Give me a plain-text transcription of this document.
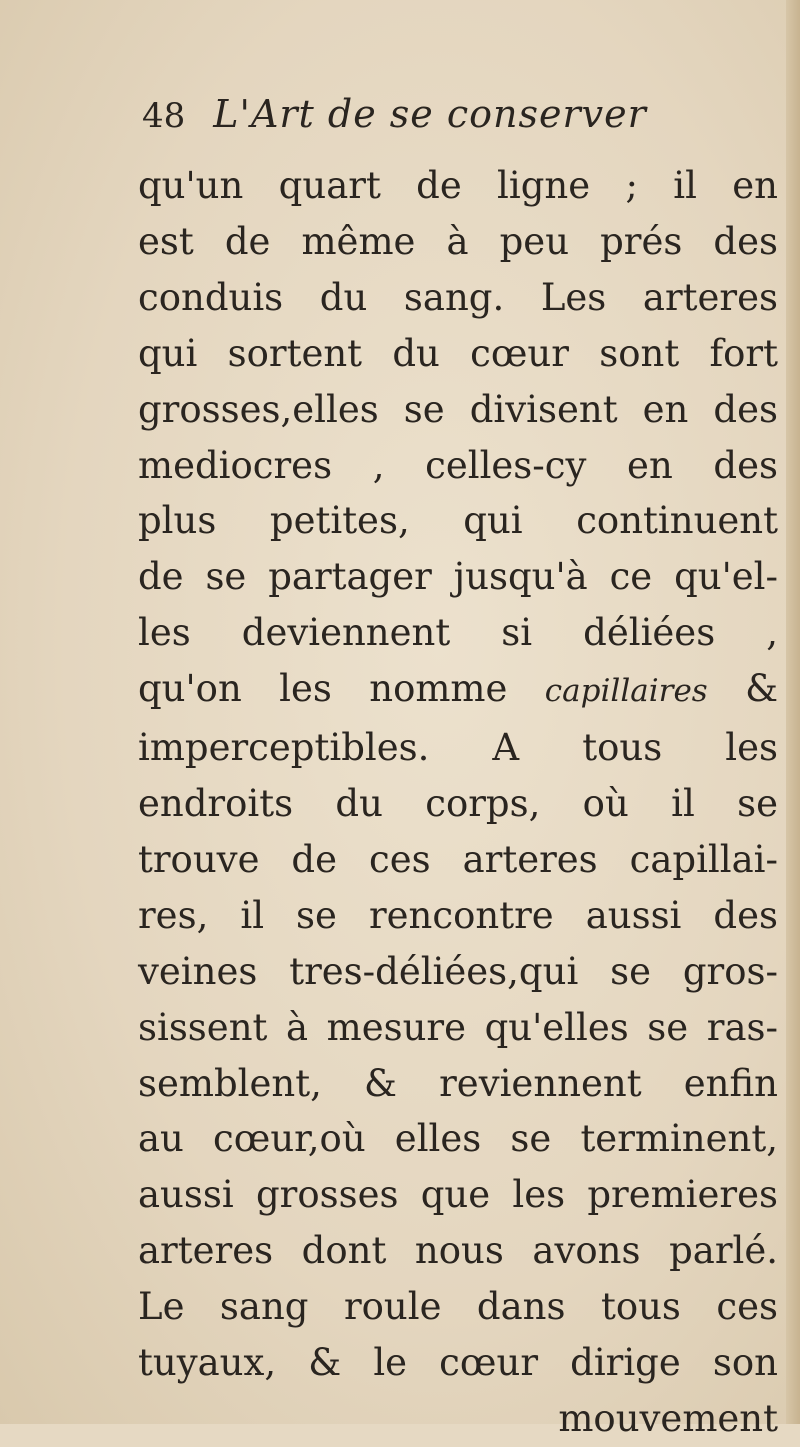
48 L'Art de se conserver
qu'un quart de ligne ; il en
est de même à peu prés des
conduis du sang. Les arteres
qui sortent du cœur sont fort
grosses,elles se divisent en des
mediocres , celles-cy en des
plus petites, qui continuent
de se partager jusqu'à ce qu'el-
les deviennent si déliées ,
qu'on les nomme capillaires &
imperceptibles. A tous les
endroits du corps, où il se
trouve de ces arteres capillai-
res, il se rencontre aussi des
veines tres-déliées,qui se gros-
sissent à mesure qu'elles se ras-
semblent, & reviennent enfin
au cœur,où elles se terminent,
aussi grosses que les premieres
arteres dont nous avons parlé.
Le sang roule dans tous ces
tuyaux, & le cœur dirige son
mouvement
